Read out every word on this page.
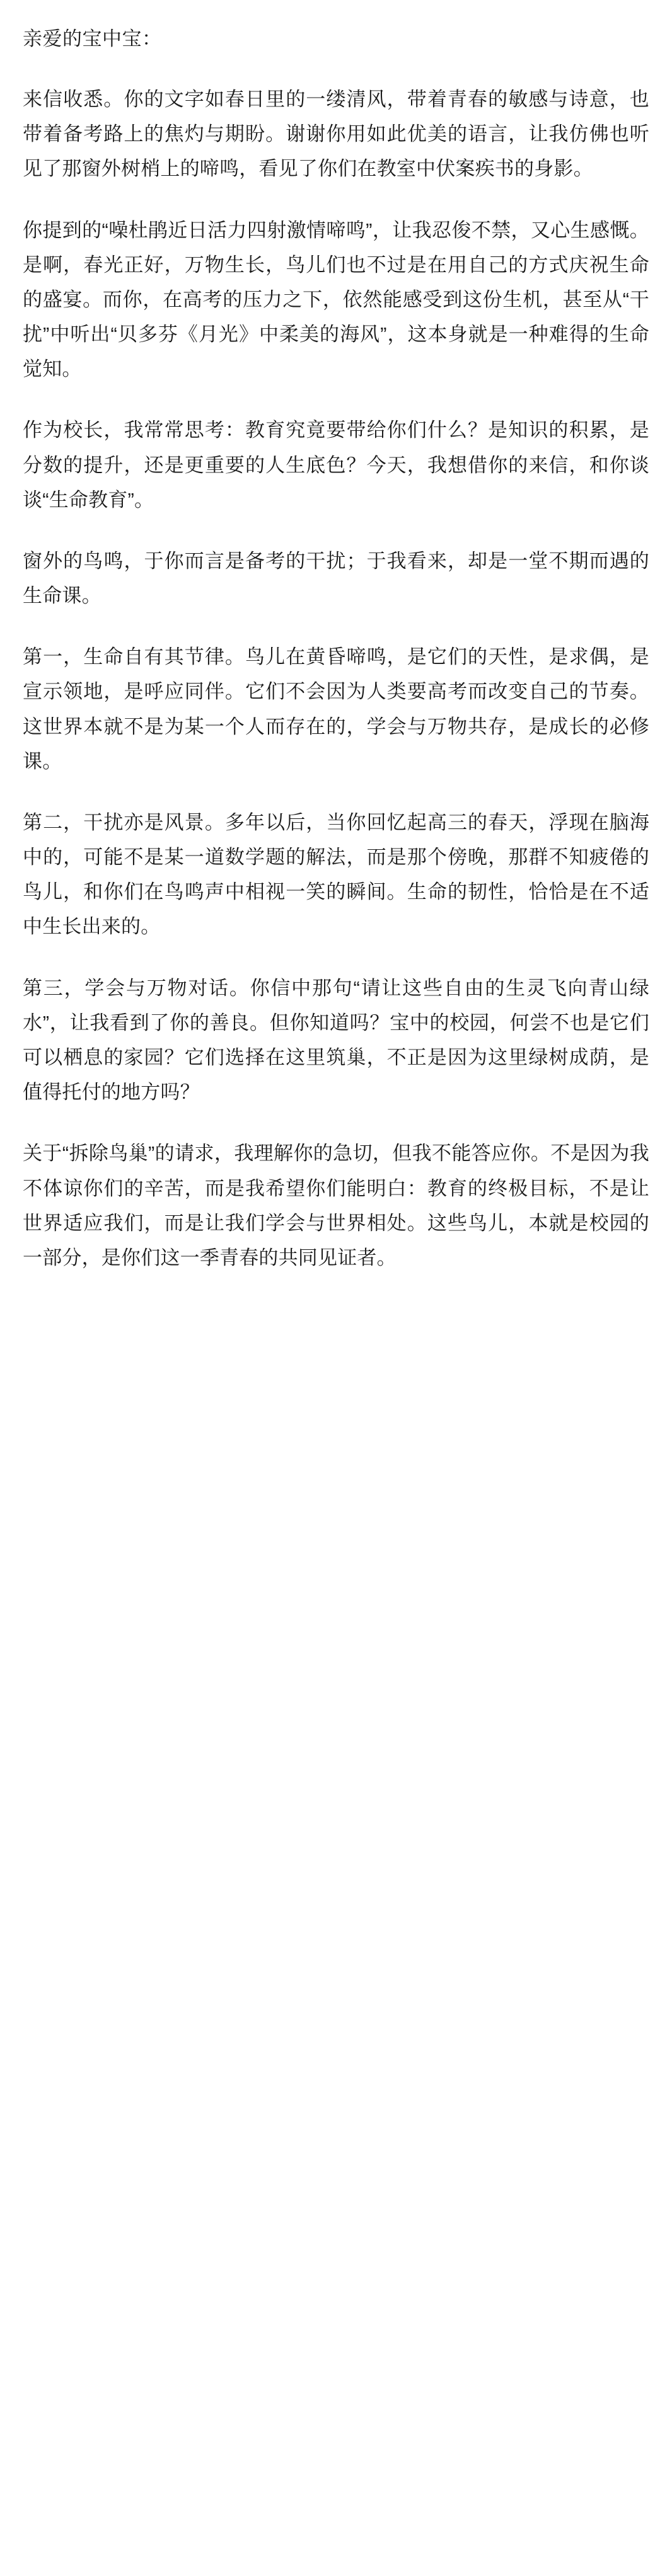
亲爱的宝中宝：

来信收悉。你的文字如春日里的一缕清风，带着青春的敏感与诗意，也带着备考路上的焦灼与期盼。谢谢你用如此优美的语言，让我仿佛也听见了那窗外树梢上的啼鸣，看见了你们在教室中伏案疾书的身影。

你提到的“噪杜鹃近日活力四射激情啼鸣”，让我忍俊不禁，又心生感慨。是啊，春光正好，万物生长，鸟儿们也不过是在用自己的方式庆祝生命的盛宴。而你，在高考的压力之下，依然能感受到这份生机，甚至从“干扰”中听出“贝多芬《月光》中柔美的海风”，这本身就是一种难得的生命觉知。

作为校长，我常常思考：教育究竟要带给你们什么？是知识的积累，是分数的提升，还是更重要的人生底色？今天，我想借你的来信，和你谈谈“生命教育”。

窗外的鸟鸣，于你而言是备考的干扰；于我看来，却是一堂不期而遇的生命课。

第一，生命自有其节律。鸟儿在黄昏啼鸣，是它们的天性，是求偶，是宣示领地，是呼应同伴。它们不会因为人类要高考而改变自己的节奏。这世界本就不是为某一个人而存在的，学会与万物共存，是成长的必修课。

第二，干扰亦是风景。多年以后，当你回忆起高三的春天，浮现在脑海中的，可能不是某一道数学题的解法，而是那个傍晚，那群不知疲倦的鸟儿，和你们在鸟鸣声中相视一笑的瞬间。生命的韧性，恰恰是在不适中生长出来的。

第三，学会与万物对话。你信中那句“请让这些自由的生灵飞向青山绿水”，让我看到了你的善良。但你知道吗？宝中的校园，何尝不也是它们可以栖息的家园？它们选择在这里筑巢，不正是因为这里绿树成荫，是值得托付的地方吗？

关于“拆除鸟巢”的请求，我理解你的急切，但我不能答应你。不是因为我不体谅你们的辛苦，而是我希望你们能明白：教育的终极目标，不是让世界适应我们，而是让我们学会与世界相处。这些鸟儿，本就是校园的一部分，是你们这一季青春的共同见证者。
